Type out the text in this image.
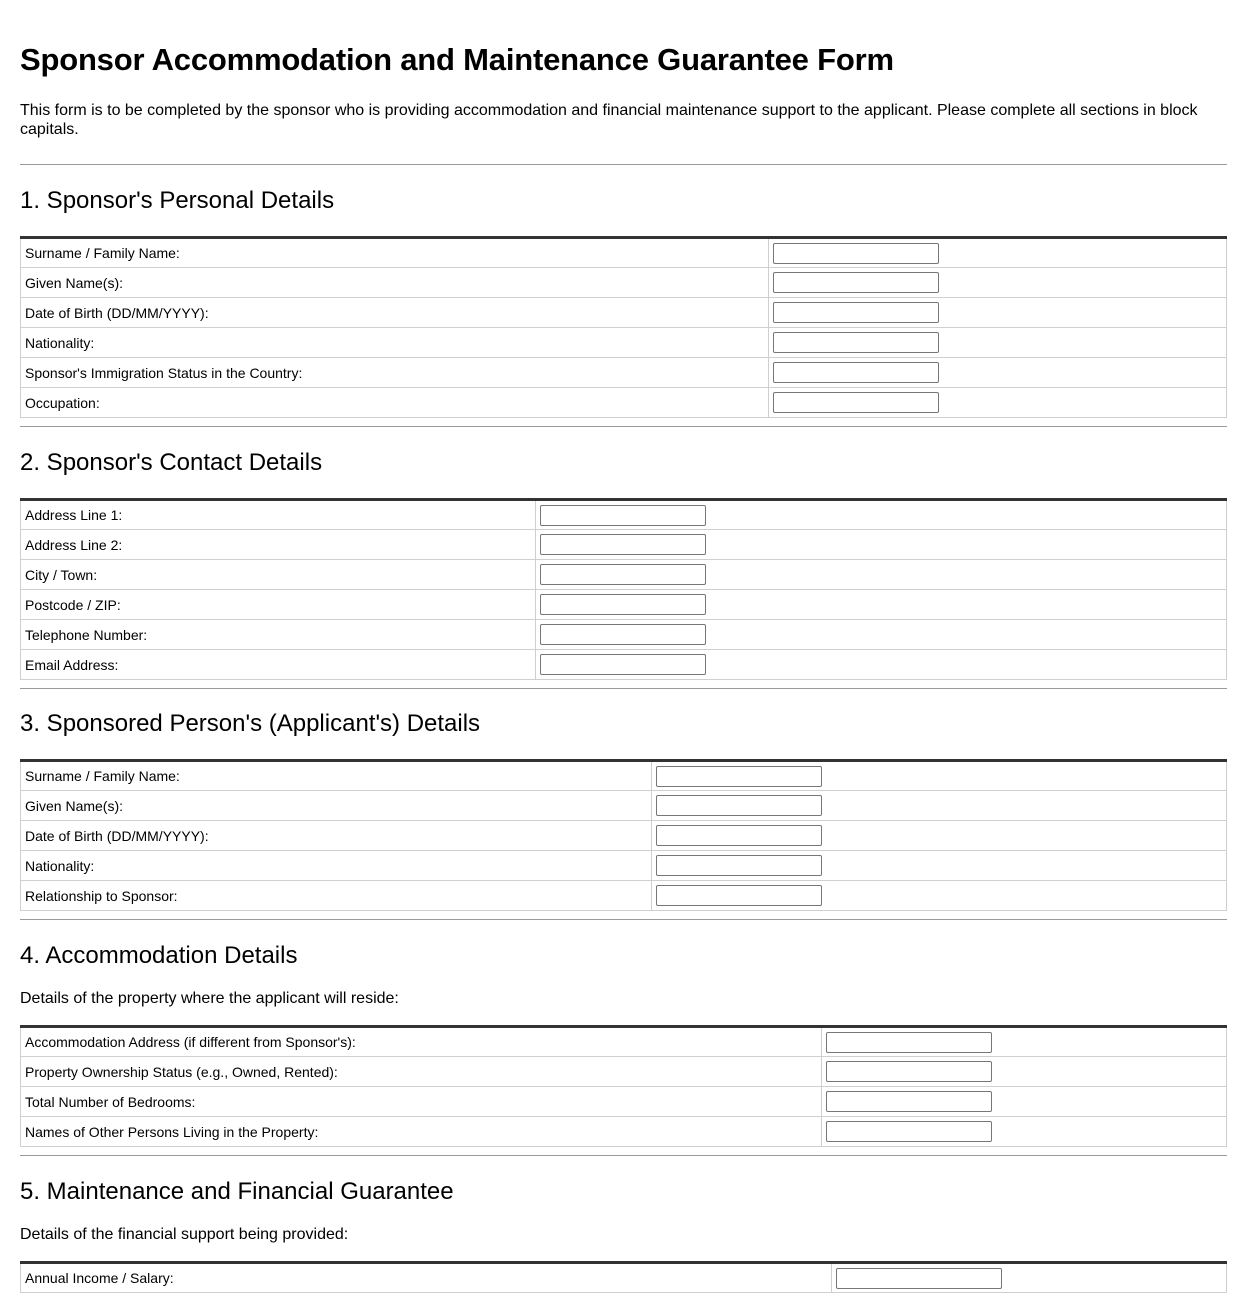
Sponsor Accommodation and Maintenance Guarantee Form
This form is to be completed by the sponsor who is providing accommodation and financial maintenance support to the applicant. Please complete all sections in block capitals.
1. Sponsor's Personal Details
Surname / Family Name:	

Given Name(s):	

Date of Birth (DD/MM/YYYY):	

Nationality:	

Sponsor's Immigration Status in the Country:	

Occupation:	
2. Sponsor's Contact Details
Address Line 1:	

Address Line 2:	

City / Town:	

Postcode / ZIP:	

Telephone Number:	

Email Address:	
3. Sponsored Person's (Applicant's) Details
Surname / Family Name:	

Given Name(s):	

Date of Birth (DD/MM/YYYY):	

Nationality:	

Relationship to Sponsor:	
4. Accommodation Details
Details of the property where the applicant will reside:
Accommodation Address (if different from Sponsor's):	

Property Ownership Status (e.g., Owned, Rented):	

Total Number of Bedrooms:	

Names of Other Persons Living in the Property:	
5. Maintenance and Financial Guarantee
Details of the financial support being provided:
Annual Income / Salary:	
